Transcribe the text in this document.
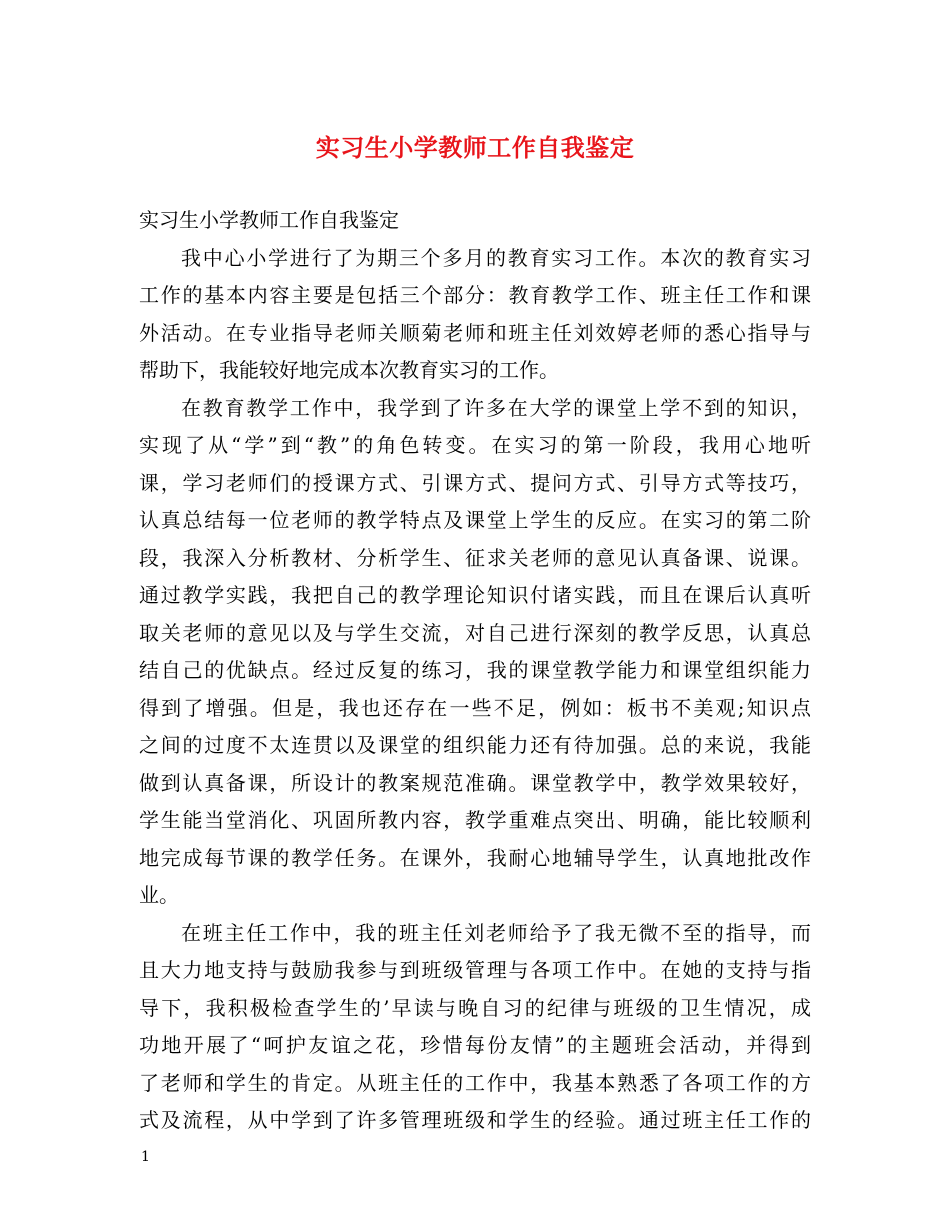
实习生小学教师工作自我鉴定

实习生小学教师工作自我鉴定

我中心小学进行了为期三个多月的教育实习工作。本次的教育实习

工作的基本内容主要是包括三个部分：教育教学工作、班主任工作和课

外活动。在专业指导老师关顺菊老师和班主任刘效婷老师的悉心指导与

帮助下，我能较好地完成本次教育实习的工作。

在教育教学工作中，我学到了许多在大学的课堂上学不到的知识，

实现了从“学”到“教”的角色转变。在实习的第一阶段，我用心地听

课，学习老师们的授课方式、引课方式、提问方式、引导方式等技巧，

认真总结每一位老师的教学特点及课堂上学生的反应。在实习的第二阶

段，我深入分析教材、分析学生、征求关老师的意见认真备课、说课。

通过教学实践，我把自己的教学理论知识付诸实践，而且在课后认真听

取关老师的意见以及与学生交流，对自己进行深刻的教学反思，认真总

结自己的优缺点。经过反复的练习，我的课堂教学能力和课堂组织能力

得到了增强。但是，我也还存在一些不足，例如：板书不美观;知识点

之间的过度不太连贯以及课堂的组织能力还有待加强。总的来说，我能

做到认真备课，所设计的教案规范准确。课堂教学中，教学效果较好，

学生能当堂消化、巩固所教内容，教学重难点突出、明确，能比较顺利

地完成每节课的教学任务。在课外，我耐心地辅导学生，认真地批改作

业。

在班主任工作中，我的班主任刘老师给予了我无微不至的指导，而

且大力地支持与鼓励我参与到班级管理与各项工作中。在她的支持与指

导下，我积极检查学生的’早读与晚自习的纪律与班级的卫生情况，成

功地开展了“呵护友谊之花，珍惜每份友情”的主题班会活动，并得到

了老师和学生的肯定。从班主任的工作中，我基本熟悉了各项工作的方

式及流程，从中学到了许多管理班级和学生的经验。通过班主任工作的

1
